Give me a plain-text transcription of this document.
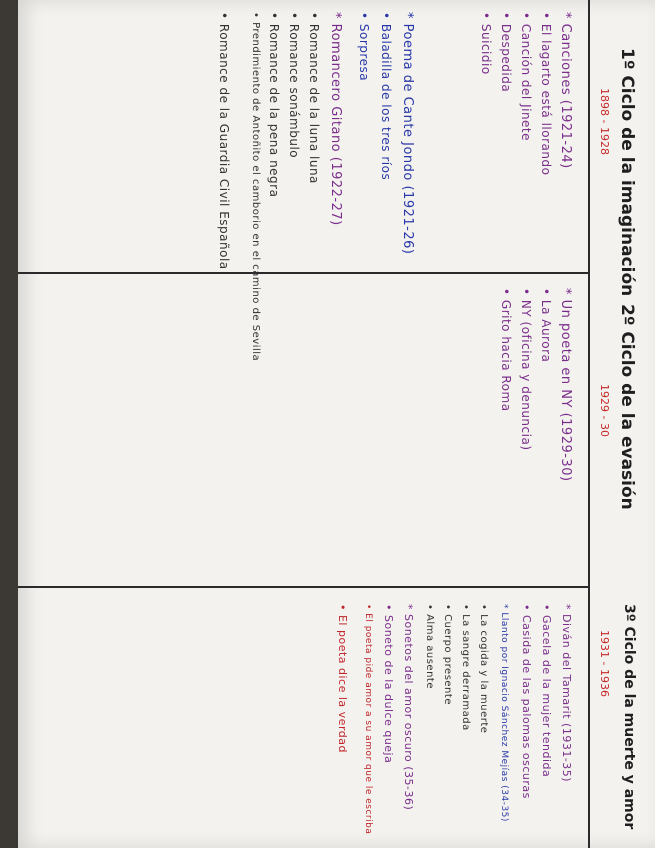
1º Ciclo de la imaginación
1898 - 1928
* Canciones (1921-24)
• El lagarto está llorando
• Canción del Jinete
• Despedida
• Suicidio
* Poema de Cante Jondo (1921-26)
• Baladilla de los tres ríos
• Sorpresa
* Romancero Gitano (1922-27)
• Romance de la luna luna
• Romance sonámbulo
• Romance de la pena negra
• Prendimiento de Antoñito el camborio en el camino de Sevilla
• Romance de la Guardia Civil Española
2º Ciclo de la evasión
1929 - 30
* Un poeta en NY (1929-30)
• La Aurora
• NY (oficina y denuncia)
• Grito hacia Roma
3º Ciclo de la muerte y amor
1931 - 1936
* Diván del Tamarit (1931-35)
• Gacela de la mujer tendida
• Casida de las palomas oscuras
* Llanto por Ignacio Sánchez Mejías (34-35)
• La cogida y la muerte
• La sangre derramada
• Cuerpo presente
• Alma ausente
* Sonetos del amor oscuro (35-36)
• Soneto de la dulce queja
• El poeta pide amor a su amor que le escriba
• El poeta dice la verdad
